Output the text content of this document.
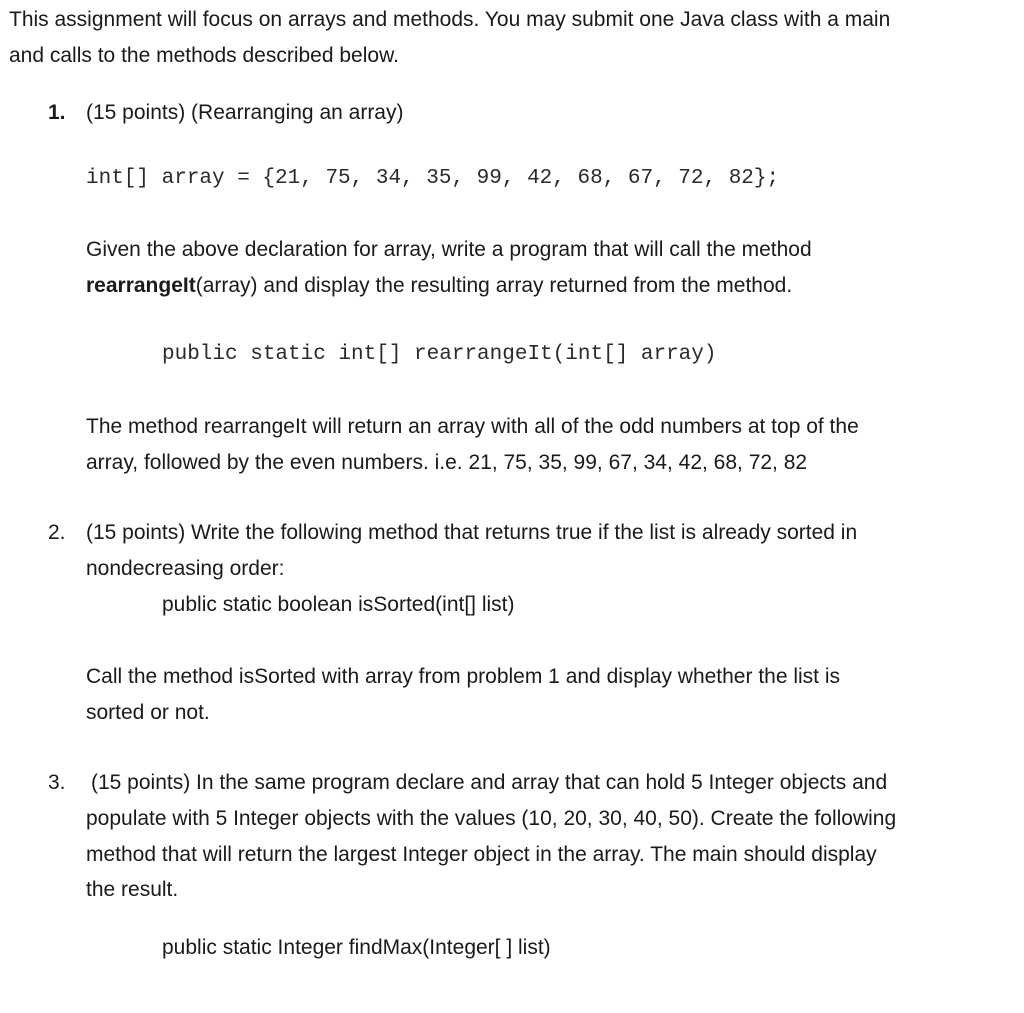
This assignment will focus on arrays and methods. You may submit one Java class with a main
and calls to the methods described below.
1. (15 points) (Rearranging an array)
int[] array = {21, 75, 34, 35, 99, 42, 68, 67, 72, 82};
Given the above declaration for array, write a program that will call the method
rearrangeIt(array) and display the resulting array returned from the method.
public static int[] rearrangeIt(int[] array)
The method rearrangeIt will return an array with all of the odd numbers at top of the
array, followed by the even numbers. i.e. 21, 75, 35, 99, 67, 34, 42, 68, 72, 82
2. (15 points) Write the following method that returns true if the list is already sorted in
nondecreasing order:
public static boolean isSorted(int[] list)
Call the method isSorted with array from problem 1 and display whether the list is
sorted or not.
3. (15 points) In the same program declare and array that can hold 5 Integer objects and
populate with 5 Integer objects with the values (10, 20, 30, 40, 50). Create the following
method that will return the largest Integer object in the array. The main should display
the result.
public static Integer findMax(Integer[ ] list)
